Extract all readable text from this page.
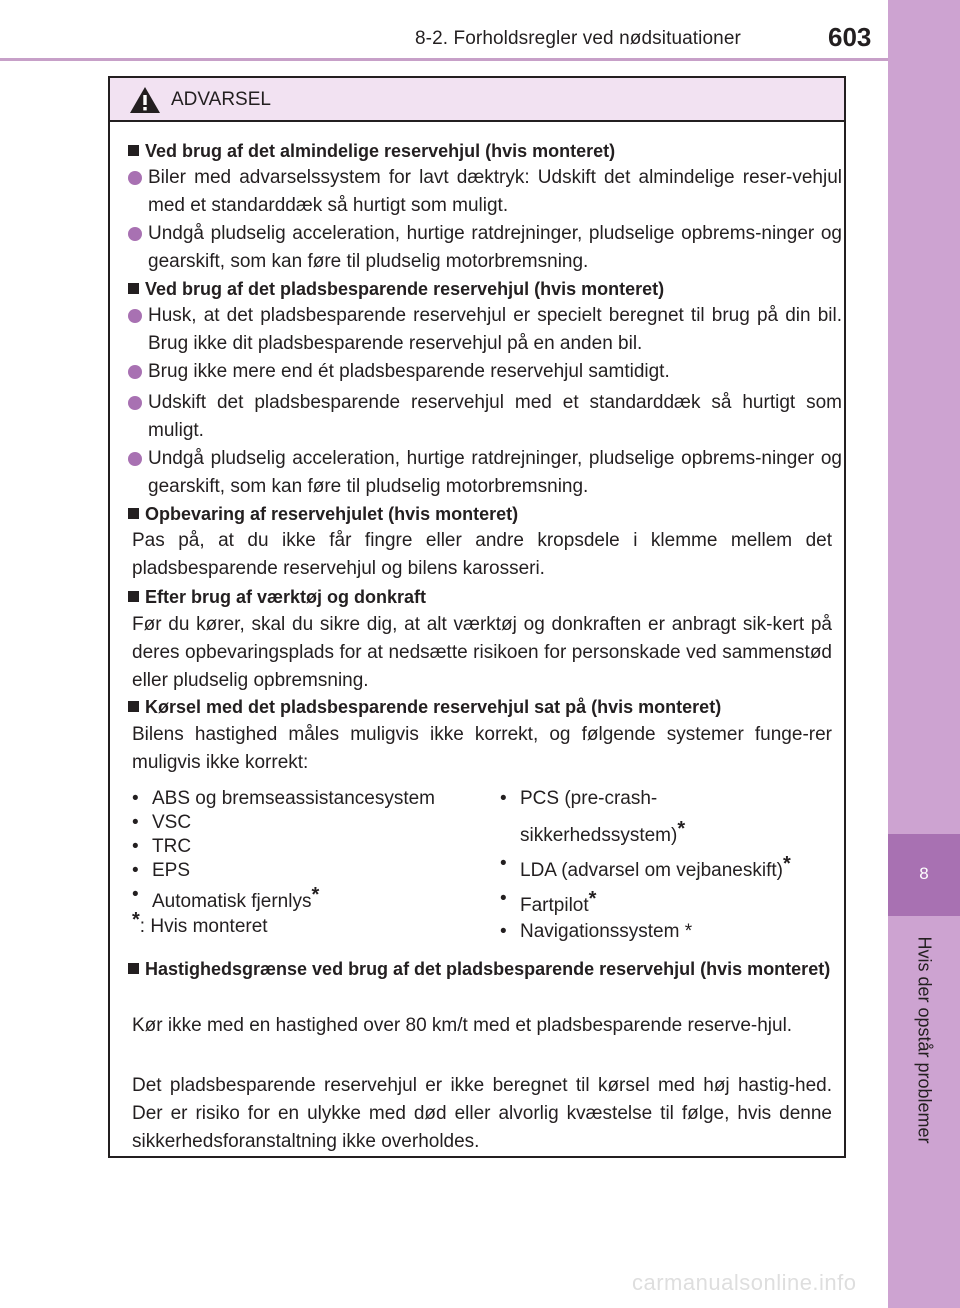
8-2. Forholdsregler ved nødsituationer	603
8
Hvis der opstår problemer
ADVARSEL
Ved brug af det almindelige reservehjul (hvis monteret)
Biler med advarselssystem for lavt dæktryk: Udskift det almindelige reser-vehjul med et standarddæk så hurtigt som muligt.
Undgå pludselig acceleration, hurtige ratdrejninger, pludselige opbrems-ninger og gearskift, som kan føre til pludselig motorbremsning.
Ved brug af det pladsbesparende reservehjul (hvis monteret)
Husk, at det pladsbesparende reservehjul er specielt beregnet til brug på din bil. Brug ikke dit pladsbesparende reservehjul på en anden bil.
Brug ikke mere end ét pladsbesparende reservehjul samtidigt.
Udskift det pladsbesparende reservehjul med et standarddæk så hurtigt som muligt.
Undgå pludselig acceleration, hurtige ratdrejninger, pludselige opbrems-ninger og gearskift, som kan føre til pludselig motorbremsning.
Opbevaring af reservehjulet (hvis monteret)
Pas på, at du ikke får fingre eller andre kropsdele i klemme mellem det pladsbesparende reservehjul og bilens karosseri.
Efter brug af værktøj og donkraft
Før du kører, skal du sikre dig, at alt værktøj og donkraften er anbragt sik-kert på deres opbevaringsplads for at nedsætte risikoen for personskade ved sammenstød eller pludselig opbremsning.
Kørsel med det pladsbesparende reservehjul sat på (hvis monteret)
Bilens hastighed måles muligvis ikke korrekt, og følgende systemer funge-rer muligvis ikke korrekt:
• ABS og bremseassistancesystem
• VSC
• TRC
• EPS
• Automatisk fjernlys*
*: Hvis monteret
• PCS (pre-crash-
sikkerhedssystem)*
• LDA (advarsel om vejbaneskift)*
• Fartpilot*
• Navigationssystem *
Hastighedsgrænse ved brug af det pladsbesparende reservehjul (hvis monteret)
Kør ikke med en hastighed over 80 km/t med et pladsbesparende reserve-hjul.
Det pladsbesparende reservehjul er ikke beregnet til kørsel med høj hastig-hed. Der er risiko for en ulykke med død eller alvorlig kvæstelse til følge, hvis denne sikkerhedsforanstaltning ikke overholdes.
carmanualsonline.info
